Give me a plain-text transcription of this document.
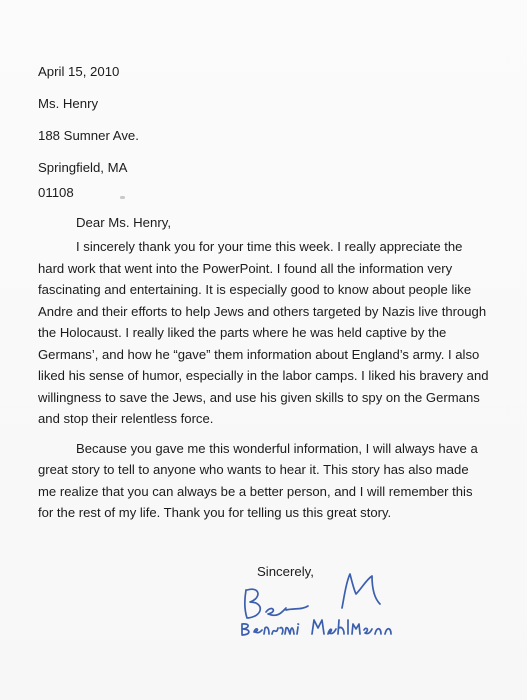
April 15, 2010
Ms. Henry
188 Sumner Ave.
Springfield, MA
01108
Dear Ms. Henry,

I sincerely thank you for your time this week. I really appreciate the hard work that went into the PowerPoint. I found all the information very fascinating and entertaining. It is especially good to know about people like Andre and their efforts to help Jews and others targeted by Nazis live through the Holocaust. I really liked the parts where he was held captive by the Germans’, and how he “gave” them information about England’s army. I also liked his sense of humor, especially in the labor camps. I liked his bravery and willingness to save the Jews, and use his given skills to spy on the Germans and stop their relentless force.

Because you gave me this wonderful information, I will always have a great story to tell to anyone who wants to hear it. This story has also made me realize that you can always be a better person, and I will remember this for the rest of my life. Thank you for telling us this great story.

Sincerely,
